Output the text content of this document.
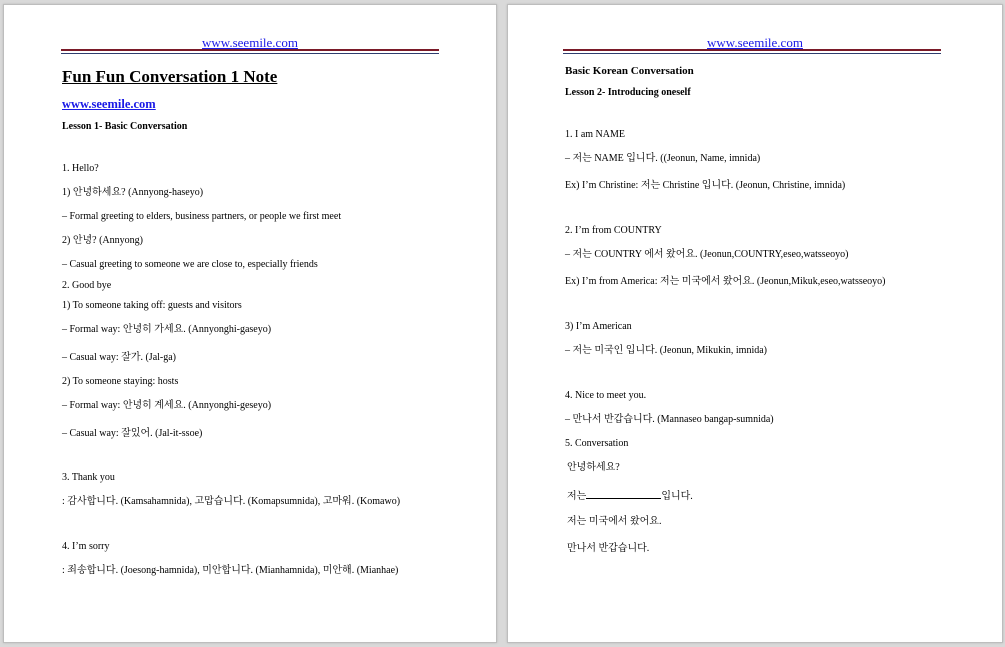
www.seemile.com
Fun Fun Conversation 1 Note
www.seemile.com
Lesson 1- Basic Conversation
1. Hello?
1) 안녕하세요? (Annyong-haseyo)
– Formal greeting to elders, business partners, or people we first meet
2) 안녕? (Annyong)
– Casual greeting to someone we are close to, especially friends
2. Good bye
1) To someone taking off: guests and visitors
– Formal way: 안녕히 가세요. (Annyonghi-gaseyo)
– Casual way: 잘가. (Jal-ga)
2) To someone staying: hosts
– Formal way: 안녕히 계세요. (Annyonghi-geseyo)
– Casual way: 잘있어. (Jal-it-ssoe)
3. Thank you
: 감사합니다. (Kamsahamnida), 고맙습니다. (Komapsumnida), 고마워. (Komawo)
4. I’m sorry
: 죄송합니다. (Joesong-hamnida), 미안합니다. (Mianhamnida), 미안해. (Mianhae)
www.seemile.com
Basic Korean Conversation
Lesson 2- Introducing oneself
1. I am NAME
– 저는 NAME 입니다. ((Jeonun, Name, imnida)
Ex) I’m Christine: 저는 Christine 입니다. (Jeonun, Christine, imnida)
2. I’m from COUNTRY
– 저는 COUNTRY 에서 왔어요. (Jeonun,COUNTRY,eseo,watsseoyo)
Ex) I’m from America: 저는 미국에서 왔어요. (Jeonun,Mikuk,eseo,watsseoyo)
3) I’m American
– 저는 미국인 입니다. (Jeonun, Mikukin, imnida)
4. Nice to meet you.
– 만나서 반갑습니다. (Mannaseo bangap-sumnida)
5. Conversation
안녕하세요?
저는	입니다.
저는 미국에서 왔어요.
만나서 반갑습니다.
